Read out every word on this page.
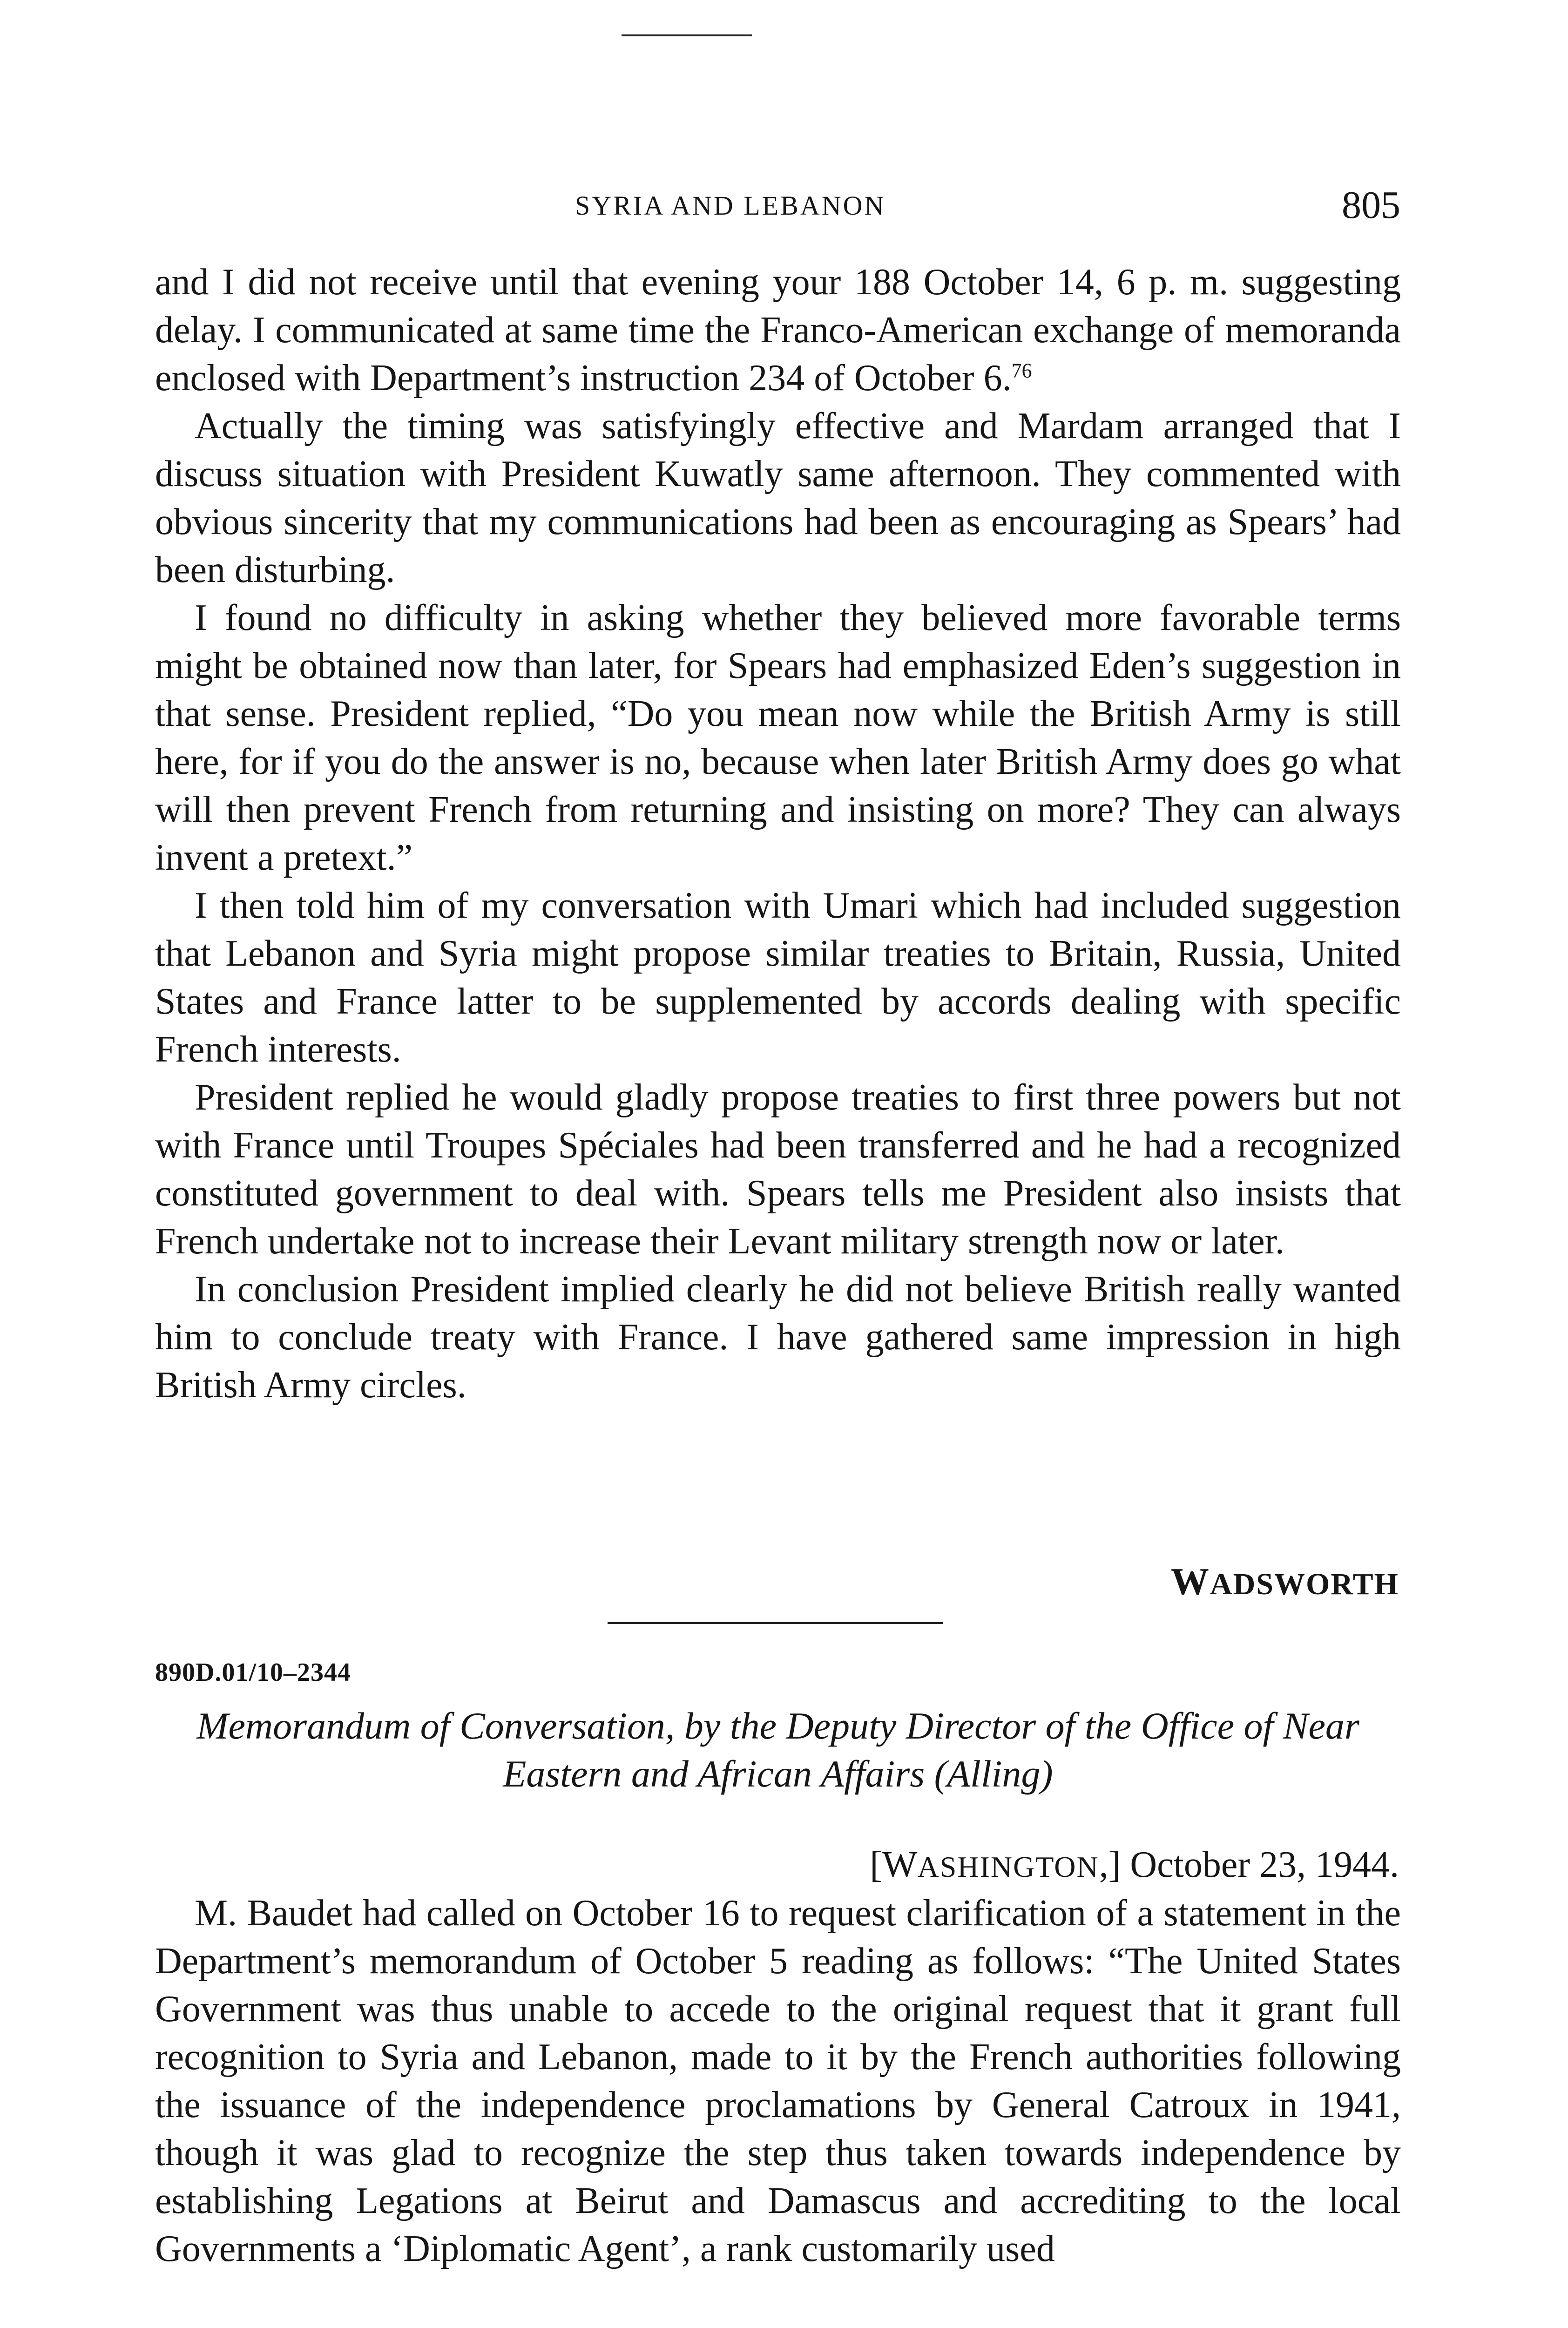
SYRIA AND LEBANON	805

and I did not receive until that evening your 188 October 14, 6 p. m. suggesting delay. I communicated at same time the Franco-American exchange of memoranda enclosed with Department’s instruction 234 of October 6.76

Actually the timing was satisfyingly effective and Mardam arranged that I discuss situation with President Kuwatly same afternoon. They commented with obvious sincerity that my communications had been as encouraging as Spears’ had been disturbing.

I found no difficulty in asking whether they believed more favorable terms might be obtained now than later, for Spears had emphasized Eden’s suggestion in that sense. President replied, “Do you mean now while the British Army is still here, for if you do the answer is no, because when later British Army does go what will then prevent French from returning and insisting on more? They can always invent a pretext.”

I then told him of my conversation with Umari which had included suggestion that Lebanon and Syria might propose similar treaties to Britain, Russia, United States and France latter to be supplemented by accords dealing with specific French interests.

President replied he would gladly propose treaties to first three powers but not with France until Troupes Spéciales had been transferred and he had a recognized constituted government to deal with. Spears tells me President also insists that French undertake not to increase their Levant military strength now or later.

In conclusion President implied clearly he did not believe British really wanted him to conclude treaty with France. I have gathered same impression in high British Army circles.

WADSWORTH
890D.01/10–2344
Memorandum of Conversation, by the Deputy Director of the Office of Near Eastern and African Affairs (Alling)
[WASHINGTON,] October 23, 1944.

M. Baudet had called on October 16 to request clarification of a statement in the Department’s memorandum of October 5 reading as follows: “The United States Government was thus unable to accede to the original request that it grant full recognition to Syria and Lebanon, made to it by the French authorities following the issuance of the independence proclamations by General Catroux in 1941, though it was glad to recognize the step thus taken towards independence by establishing Legations at Beirut and Damascus and accrediting to the local Governments a ‘Diplomatic Agent’, a rank customarily used
